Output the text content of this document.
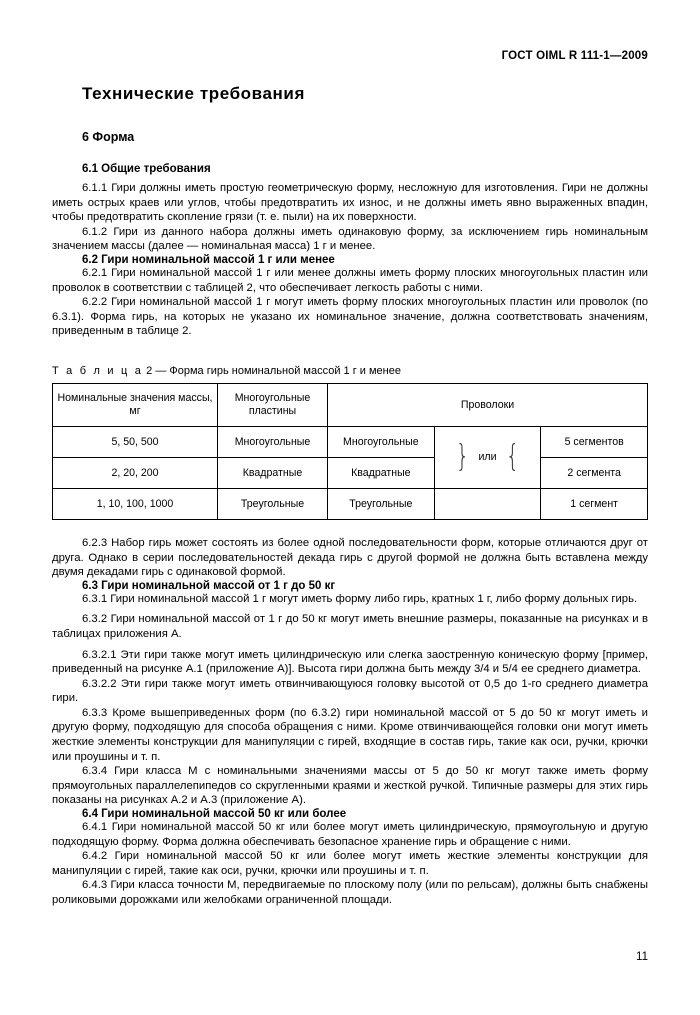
ГОСТ OIML R 111-1—2009
Технические требования
6 Форма
6.1 Общие требования

6.1.1 Гири должны иметь простую геометрическую форму, несложную для изготовления. Гири не должны иметь острых краев или углов, чтобы предотвратить их износ, и не должны иметь явно выраженных впадин, чтобы предотвратить скопление грязи (т. е. пыли) на их поверхности.

6.1.2 Гири из данного набора должны иметь одинаковую форму, за исключением гирь номинальным значением массы (далее — номинальная масса) 1 г и менее.

6.2 Гири номинальной массой 1 г или менее

6.2.1 Гири номинальной массой 1 г или менее должны иметь форму плоских многоугольных пластин или проволок в соответствии с таблицей 2, что обеспечивает легкость работы с ними.

6.2.2 Гири номинальной массой 1 г могут иметь форму плоских многоугольных пластин или проволок (по 6.3.1). Форма гирь, на которых не указано их номинальное значение, должна соответствовать значениям, приведенным в таблице 2.

Т а б л и ц а 2 — Форма гирь номинальной массой 1 г и менее

Номинальные значения массы, мг	Многоугольные пластины	Проволоки		
5, 50, 500	Многоугольные	Многоугольные	} или {	5 сегментов
2, 20, 200	Квадратные	Квадратные		2 сегмента
1, 10, 100, 1000	Треугольные	Треугольные		1 сегмент

6.2.3 Набор гирь может состоять из более одной последовательности форм, которые отличаются друг от друга. Однако в серии последовательностей декада гирь с другой формой не должна быть вставлена между двумя декадами гирь с одинаковой формой.

6.3 Гири номинальной массой от 1 г до 50 кг

6.3.1 Гири номинальной массой 1 г могут иметь форму либо гирь, кратных 1 г, либо форму дольных гирь.

6.3.2 Гири номинальной массой от 1 г до 50 кг могут иметь внешние размеры, показанные на рисунках и в таблицах приложения А.

6.3.2.1 Эти гири также могут иметь цилиндрическую или слегка заостренную коническую форму [пример, приведенный на рисунке А.1 (приложение А)]. Высота гири должна быть между 3/4 и 5/4 ее среднего диаметра.

6.3.2.2 Эти гири также могут иметь отвинчивающуюся головку высотой от 0,5 до 1-го среднего диаметра гири.

6.3.3 Кроме вышеприведенных форм (по 6.3.2) гири номинальной массой от 5 до 50 кг могут иметь и другую форму, подходящую для способа обращения с ними. Кроме отвинчивающейся головки они могут иметь жесткие элементы конструкции для манипуляции с гирей, входящие в состав гирь, такие как оси, ручки, крючки или проушины и т. п.

6.3.4 Гири класса М с номинальными значениями массы от 5 до 50 кг могут также иметь форму прямоугольных параллелепипедов со скругленными краями и жесткой ручкой. Типичные размеры для этих гирь показаны на рисунках А.2 и А.3 (приложение А).

6.4 Гири номинальной массой 50 кг или более

6.4.1 Гири номинальной массой 50 кг или более могут иметь цилиндрическую, прямоугольную и другую подходящую форму. Форма должна обеспечивать безопасное хранение гирь и обращение с ними.

6.4.2 Гири номинальной массой 50 кг или более могут иметь жесткие элементы конструкции для манипуляции с гирей, такие как оси, ручки, крючки или проушины и т. п.

6.4.3 Гири класса точности М, передвигаемые по плоскому полу (или по рельсам), должны быть снабжены роликовыми дорожками или желобками ограниченной площади.

11
